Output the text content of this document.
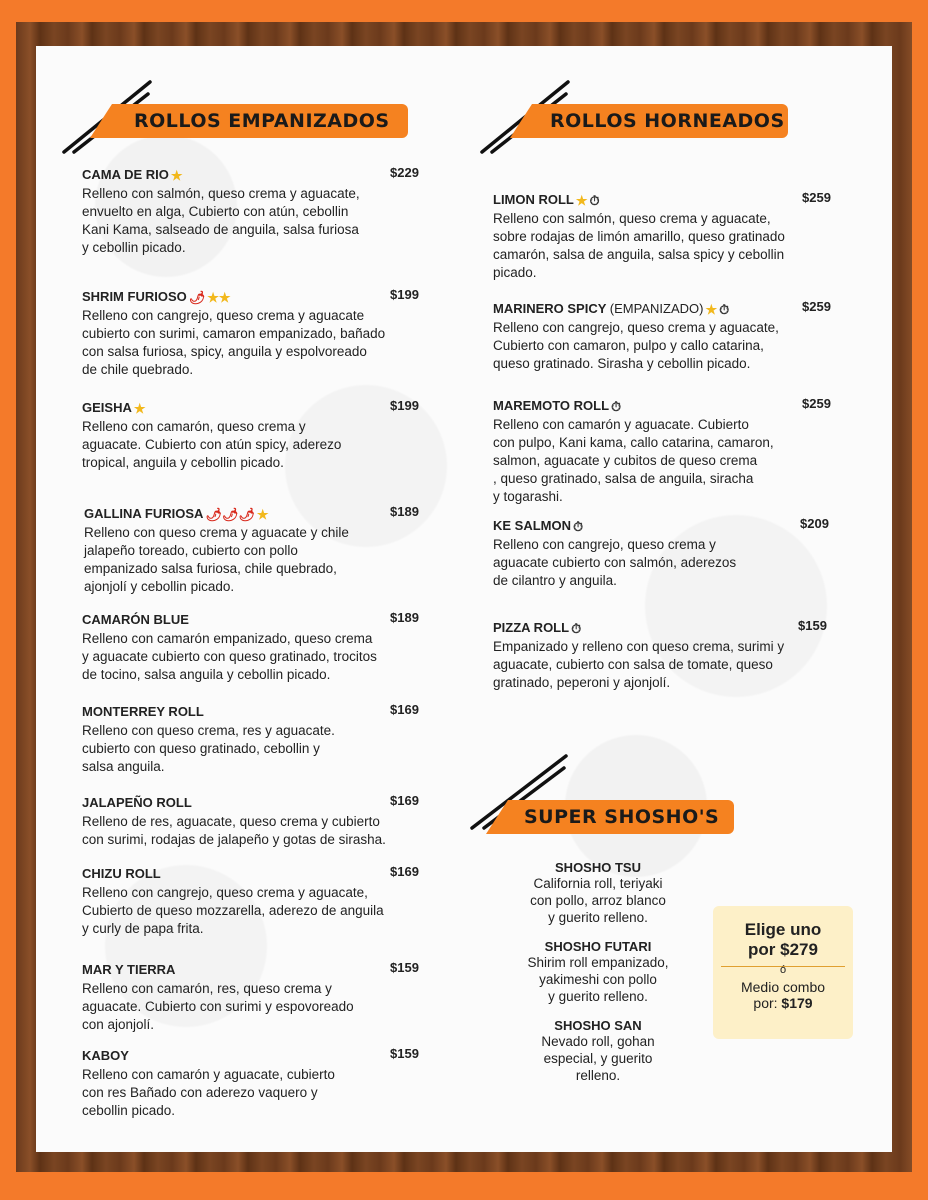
ROLLOS EMPANIZADOS	ROLLOS HORNEADOS
SUPER SHOSHO'S
CAMA DE RIO ★	$229
Relleno con salmón, queso crema y aguacate,
envuelto en alga, Cubierto con atún, cebollin
Kani Kama, salseado de anguila, salsa furiosa
y cebollin picado.
SHRIM FURIOSO 🌶 ★★	$199
Relleno con cangrejo, queso crema y aguacate
cubierto con surimi, camaron empanizado, bañado
con salsa furiosa, spicy, anguila y espolvoreado
de chile quebrado.
GEISHA ★	$199
Relleno con camarón, queso crema y
aguacate. Cubierto con atún spicy, aderezo
tropical, anguila y cebollin picado.
GALLINA FURIOSA 🌶🌶🌶 ★	$189
Relleno con queso crema y aguacate y chile
jalapeño toreado, cubierto con pollo
empanizado salsa furiosa, chile quebrado,
ajonjolí y cebollin picado.
CAMARÓN BLUE	$189
Relleno con camarón empanizado, queso crema
y aguacate cubierto con queso gratinado, trocitos
de tocino, salsa anguila y cebollin picado.
MONTERREY ROLL	$169
Relleno con queso crema, res y aguacate.
cubierto con queso gratinado, cebollin y
salsa anguila.
JALAPEÑO ROLL	$169
Relleno de res, aguacate, queso crema y cubierto
con surimi, rodajas de jalapeño y gotas de sirasha.
CHIZU ROLL	$169
Relleno con cangrejo, queso crema y aguacate,
Cubierto de queso mozzarella, aderezo de anguila
y curly de papa frita.
MAR Y TIERRA	$159
Relleno con camarón, res, queso crema y
aguacate. Cubierto con surimi y espovoreado
con ajonjolí.
KABOY	$159
Relleno con camarón y aguacate, cubierto
con res Bañado con aderezo vaquero y
cebollin picado.
LIMON ROLL ★ ⏱	$259
Relleno con salmón, queso crema y aguacate,
sobre rodajas de limón amarillo, queso gratinado
camarón, salsa de anguila, salsa spicy y cebollin
picado.
MARINERO SPICY (EMPANIZADO) ★ ⏱	$259
Relleno con cangrejo, queso crema y aguacate,
Cubierto con camaron, pulpo y callo catarina,
queso gratinado. Sirasha y cebollin picado.
MAREMOTO ROLL ⏱	$259
Relleno con camarón y aguacate. Cubierto
con pulpo, Kani kama, callo catarina, camaron,
salmon, aguacate y cubitos de queso crema
, queso gratinado, salsa de anguila, siracha
y togarashi.
KE SALMON ⏱	$209
Relleno con cangrejo, queso crema y
aguacate cubierto con salmón, aderezos
de cilantro y anguila.
PIZZA ROLL ⏱	$159
Empanizado y relleno con queso crema, surimi y
aguacate, cubierto con salsa de tomate, queso
gratinado, peperoni y ajonjolí.
SHOSHO TSU
California roll, teriyaki
con pollo, arroz blanco
y guerito relleno.
SHOSHO FUTARI
Shirim roll empanizado,
yakimeshi con pollo
y guerito relleno.
SHOSHO SAN
Nevado roll, gohan
especial, y guerito
relleno.
Elige uno
por $279
ó
Medio combo
por: $179
